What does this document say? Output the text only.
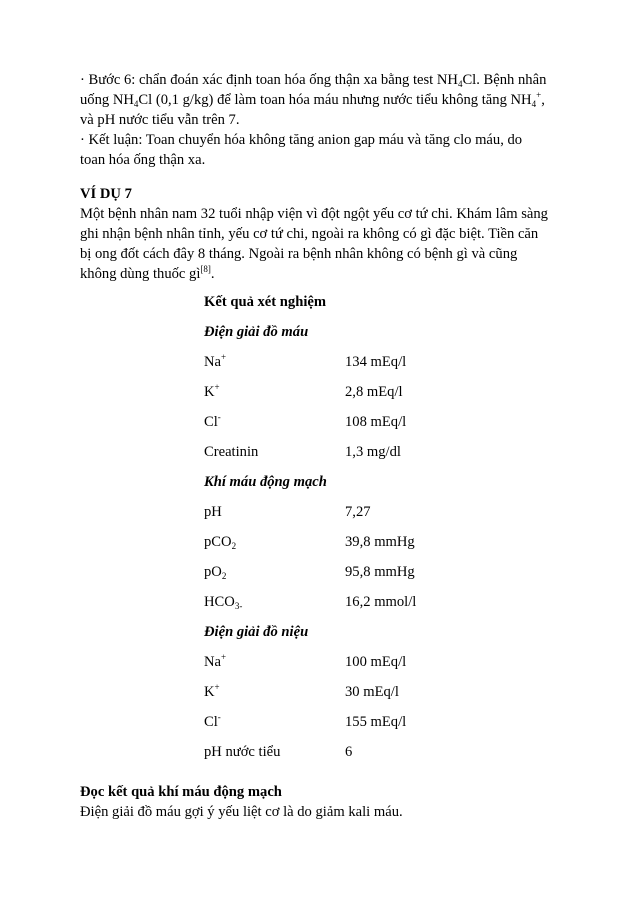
· Bước 6: chẩn đoán xác định toan hóa ống thận xa bằng test $NH_4Cl$. Bệnh nhân
uống $NH_4Cl$ (0,1 g/kg) để làm toan hóa máu nhưng nước tiểu không tăng $NH_4^+$,
và pH nước tiểu vẫn trên 7.
· Kết luận: Toan chuyển hóa không tăng anion gap máu và tăng clo máu, do
toan hóa ống thận xa.
VÍ DỤ 7
Một bệnh nhân nam 32 tuổi nhập viện vì đột ngột yếu cơ tứ chi. Khám lâm sàng
ghi nhận bệnh nhân tỉnh, yếu cơ tứ chi, ngoài ra không có gì đặc biệt. Tiền căn
bị ong đốt cách đây 8 tháng. Ngoài ra bệnh nhân không có bệnh gì và cũng
không dùng thuốc gì[8].
Kết quả xét nghiệm
Điện giải đồ máu
Na+	134 mEq/l
K+	2,8 mEq/l
Cl-	108 mEq/l
Creatinin	1,3 mg/dl
Khí máu động mạch
pH	7,27
pCO$_2$	39,8 mmHg
$pO_2$	95,8 mmHg
$HCO_{3-}$	16,2 mmol/l
Điện giải đồ niệu
Na+	100 mEq/l
K+	30 mEq/l
Cl-	155 mEq/l
pH nước tiểu	6
Đọc kết quả khí máu động mạch
Điện giải đồ máu gợi ý yếu liệt cơ là do giảm kali máu.
